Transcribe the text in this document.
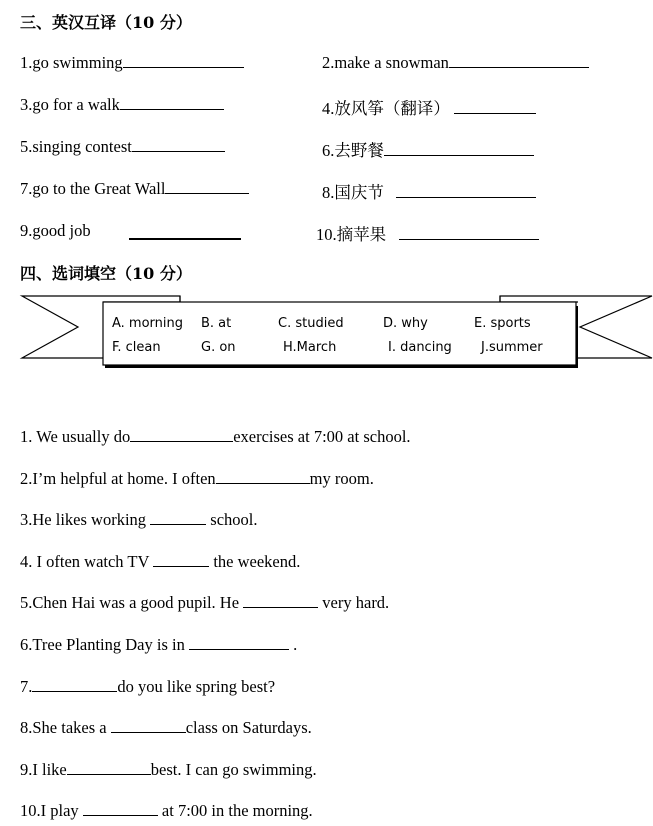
三、英汉互译（10 分）
1.go swimming	2.make a snowman
3.go for a walk	4.放风筝（翻译）
5.singing contest	6.去野餐
7.go to the Great Wall	8.国庆节
9.good job	10.摘苹果
四、选词填空（10 分）
A. morning B. at	C. studied	D. why	E. sports
F. clean	G. on	H.March	I. dancing J.summer
1. We usually do	exercises at 7:00 at school.
2.I’m helpful at home. I often	my room.
3.He likes working	school.
4. I often watch TV	the weekend.
5.Chen Hai was a good pupil. He	very hard.
6.Tree Planting Day is in	.
7.	do you like spring best?
8.She takes a	class on Saturdays.
9.I like	best. I can go swimming.
10.I play	at 7:00 in the morning.
